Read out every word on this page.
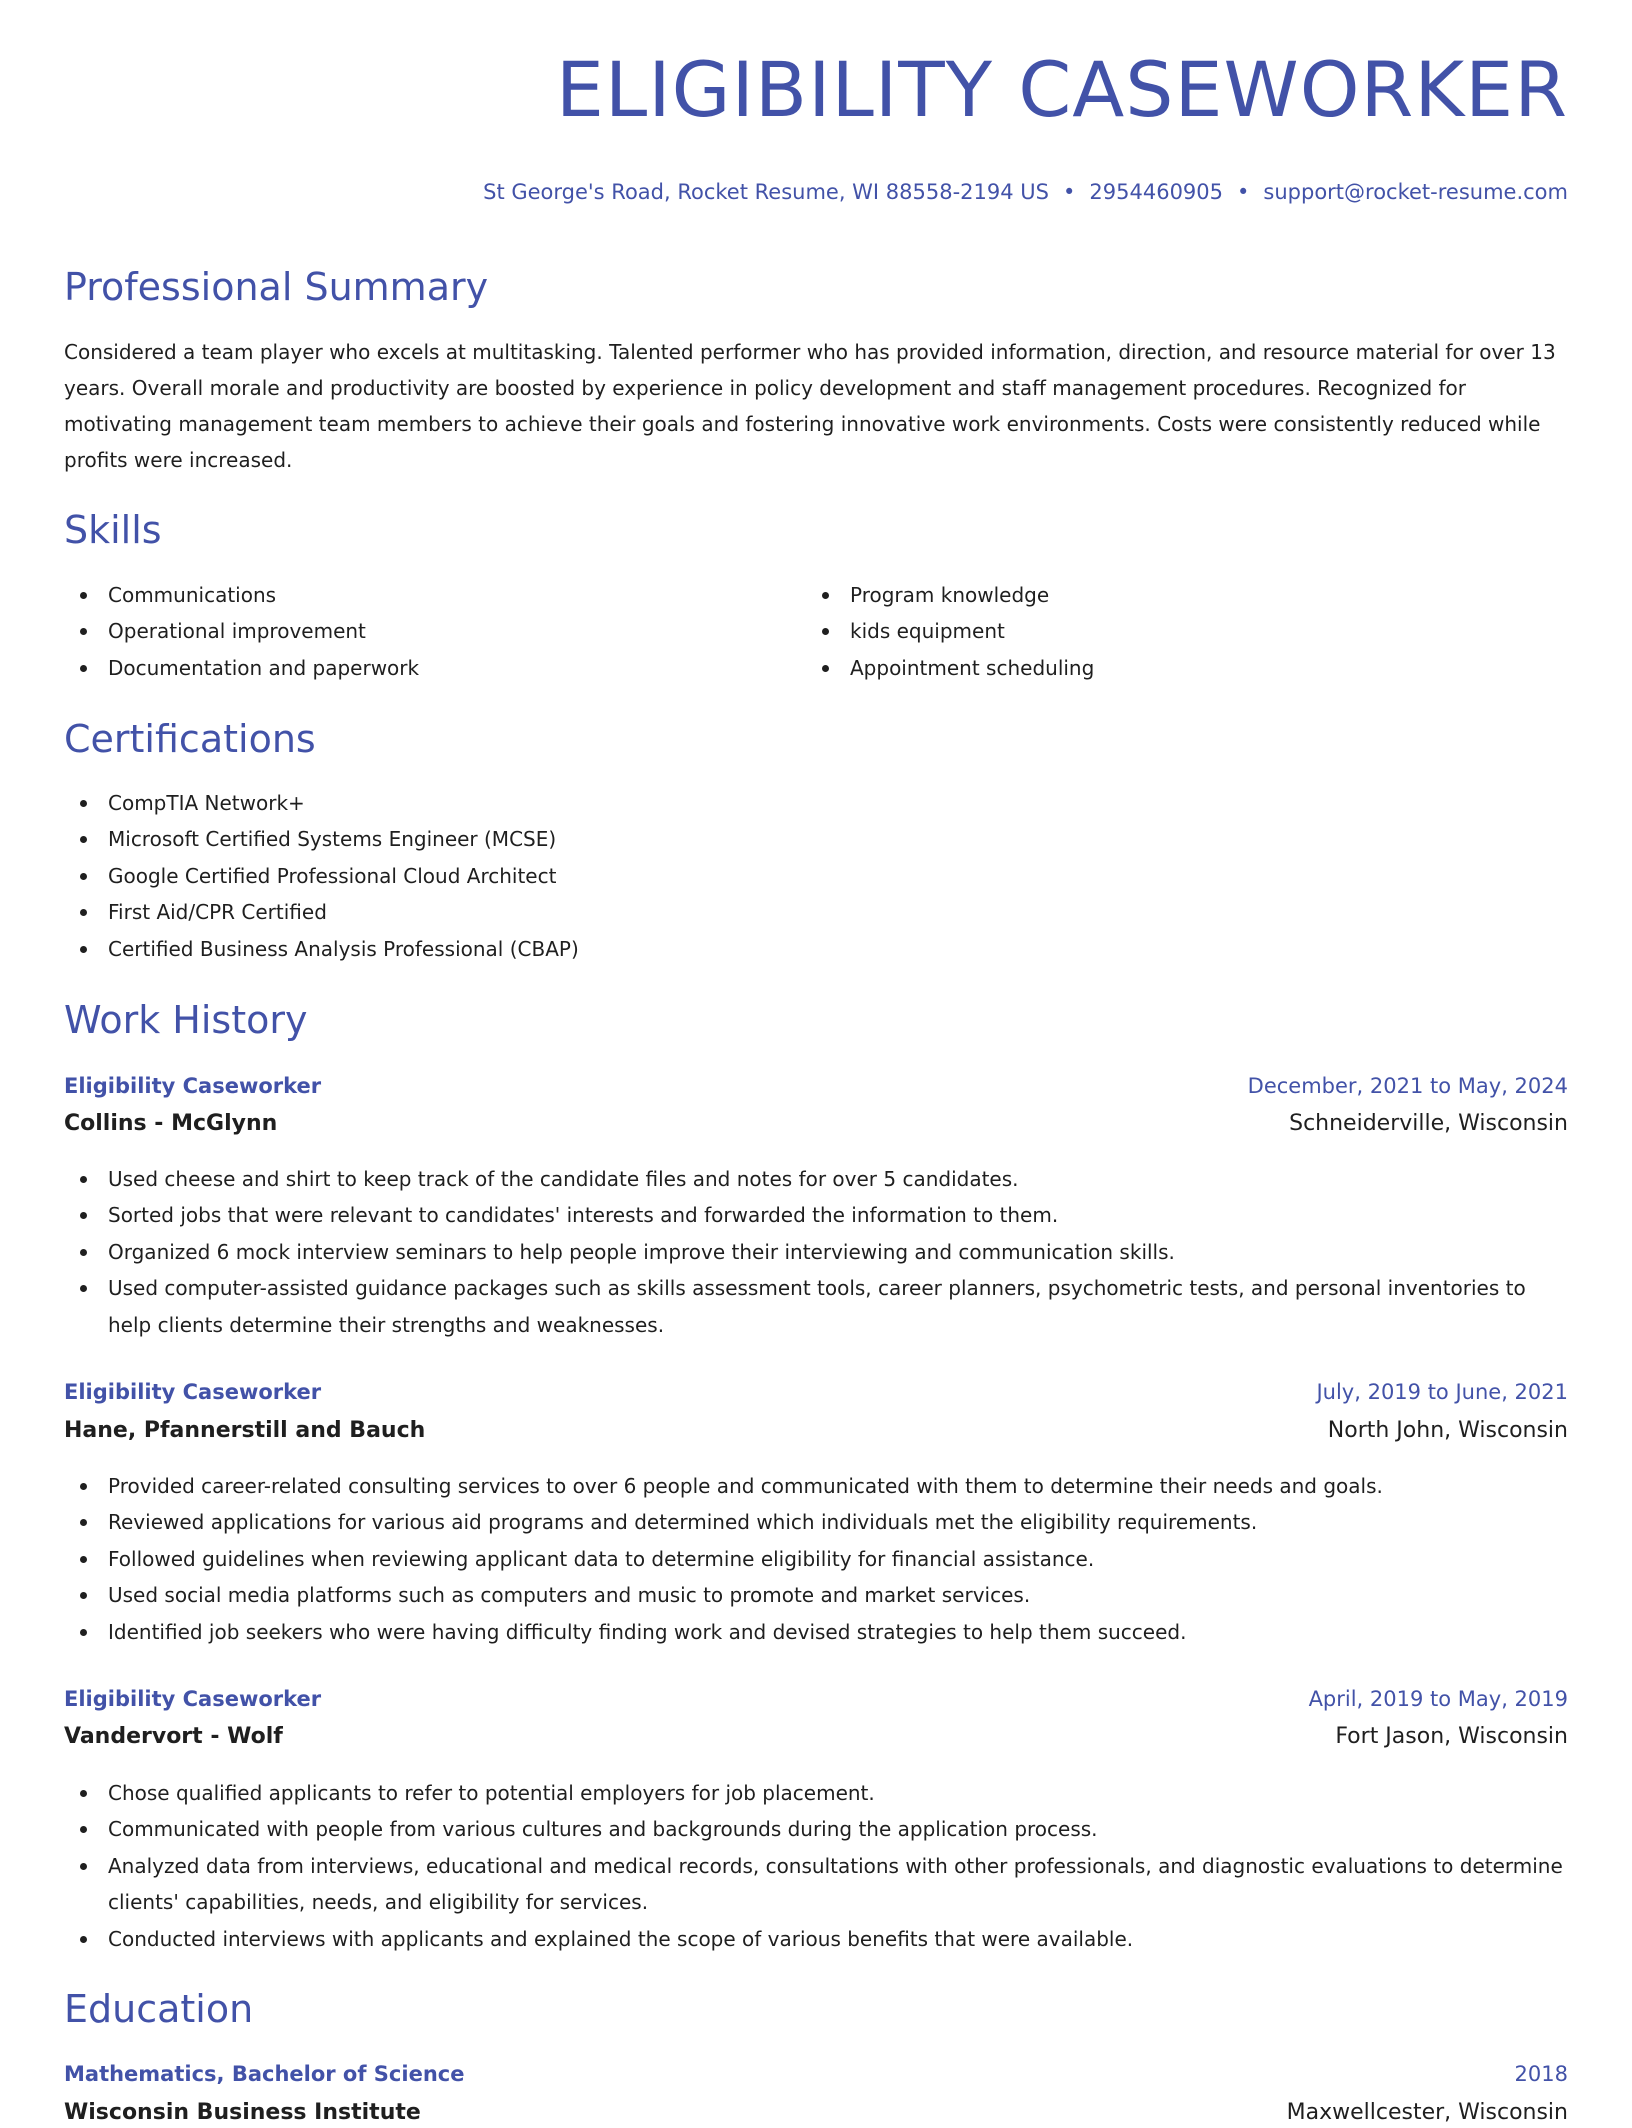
ELIGIBILITY CASEWORKER
St George's Road, Rocket Resume, WI 88558-2194 US • 2954460905 • support@rocket-resume.com
Professional Summary
Considered a team player who excels at multitasking. Talented performer who has provided information, direction, and resource material for over 13 years. Overall morale and productivity are boosted by experience in policy development and staff management procedures. Recognized for motivating management team members to achieve their goals and fostering innovative work environments. Costs were consistently reduced while profits were increased.
Skills
Communications
Operational improvement
Documentation and paperwork
Program knowledge
kids equipment
Appointment scheduling
Certifications
CompTIA Network+
Microsoft Certified Systems Engineer (MCSE)
Google Certified Professional Cloud Architect
First Aid/CPR Certified
Certified Business Analysis Professional (CBAP)
Work History
Eligibility Caseworker	December, 2021 to May, 2024
Collins - McGlynn	Schneiderville, Wisconsin
Used cheese and shirt to keep track of the candidate files and notes for over 5 candidates.
Sorted jobs that were relevant to candidates' interests and forwarded the information to them.
Organized 6 mock interview seminars to help people improve their interviewing and communication skills.
Used computer-assisted guidance packages such as skills assessment tools, career planners, psychometric tests, and personal inventories to help clients determine their strengths and weaknesses.
Eligibility Caseworker	July, 2019 to June, 2021
Hane, Pfannerstill and Bauch	North John, Wisconsin
Provided career-related consulting services to over 6 people and communicated with them to determine their needs and goals.
Reviewed applications for various aid programs and determined which individuals met the eligibility requirements.
Followed guidelines when reviewing applicant data to determine eligibility for financial assistance.
Used social media platforms such as computers and music to promote and market services.
Identified job seekers who were having difficulty finding work and devised strategies to help them succeed.
Eligibility Caseworker	April, 2019 to May, 2019
Vandervort - Wolf	Fort Jason, Wisconsin
Chose qualified applicants to refer to potential employers for job placement.
Communicated with people from various cultures and backgrounds during the application process.
Analyzed data from interviews, educational and medical records, consultations with other professionals, and diagnostic evaluations to determine clients' capabilities, needs, and eligibility for services.
Conducted interviews with applicants and explained the scope of various benefits that were available.
Education
Mathematics, Bachelor of Science	2018
Wisconsin Business Institute	Maxwellcester, Wisconsin
